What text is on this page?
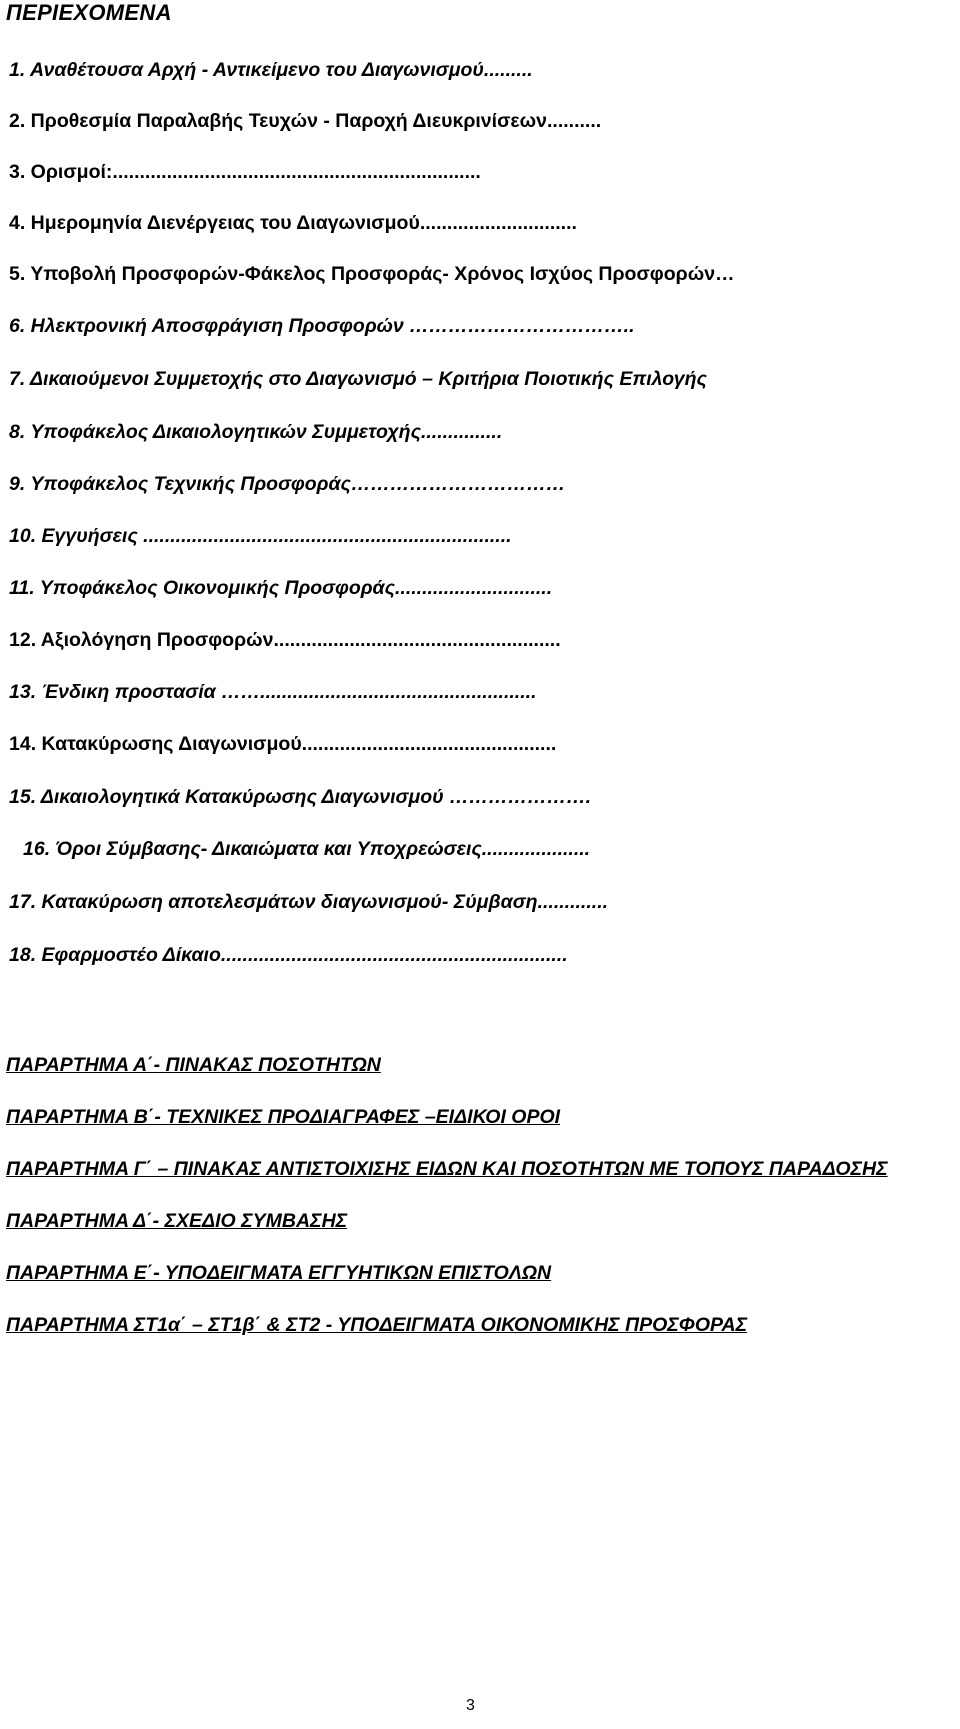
ΠΕΡΙΕΧΟΜΕΝΑ
1. Αναθέτουσα Αρχή - Αντικείμενο του Διαγωνισμού.........
2. Προθεσμία Παραλαβής Τευχών - Παροχή Διευκρινίσεων..........
3. Ορισμοί:....................................................................
4. Ημερομηνία Διενέργειας του Διαγωνισμού.............................
5. Υποβολή Προσφορών-Φάκελος Προσφοράς- Χρόνος Ισχύος Προσφορών…
6. Ηλεκτρονική Αποσφράγιση Προσφορών ……………………………..
7. Δικαιούμενοι Συμμετοχής στο Διαγωνισμό – Κριτήρια Ποιοτικής Επιλογής
8. Υποφάκελος Δικαιολογητικών Συμμετοχής...............
9. Υποφάκελος Τεχνικής Προσφοράς……………………………
10. Εγγυήσεις ....................................................................
11. Υποφάκελος Οικονομικής Προσφοράς.............................
12. Αξιολόγηση Προσφορών.....................................................
13. Ένδικη προστασία ……...................................................
14. Κατακύρωσης Διαγωνισμού...............................................
15. Δικαιολογητικά Κατακύρωσης Διαγωνισμού ………………….
16. Όροι Σύμβασης- Δικαιώματα και Υποχρεώσεις....................
17. Κατακύρωση αποτελεσμάτων διαγωνισμού- Σύμβαση.............
18. Εφαρμοστέο Δίκαιο................................................................
ΠΑΡΑΡΤΗΜΑ Α΄- ΠΙΝΑΚΑΣ ΠΟΣΟΤΗΤΩΝ
ΠΑΡΑΡΤΗΜΑ Β΄- ΤΕΧΝΙΚΕΣ ΠΡΟΔΙΑΓΡΑΦΕΣ –ΕΙΔΙΚΟΙ ΟΡΟΙ
ΠΑΡΑΡΤΗΜΑ Γ΄ – ΠΙΝΑΚΑΣ ΑΝΤΙΣΤΟΙΧΙΣΗΣ ΕΙΔΩΝ ΚΑΙ ΠΟΣΟΤΗΤΩΝ ΜΕ ΤΟΠΟΥΣ ΠΑΡΑΔΟΣΗΣ
ΠΑΡΑΡΤΗΜΑ Δ΄- ΣΧΕΔΙΟ ΣΥΜΒΑΣΗΣ
ΠΑΡΑΡΤΗΜΑ Ε΄- ΥΠΟΔΕΙΓΜΑΤΑ ΕΓΓΥΗΤΙΚΩΝ ΕΠΙΣΤΟΛΩΝ
ΠΑΡΑΡΤΗΜΑ ΣΤ1α΄ – ΣΤ1β΄ & ΣΤ2 - ΥΠΟΔΕΙΓΜΑΤΑ ΟΙΚΟΝΟΜΙΚΗΣ ΠΡΟΣΦΟΡΑΣ
3
